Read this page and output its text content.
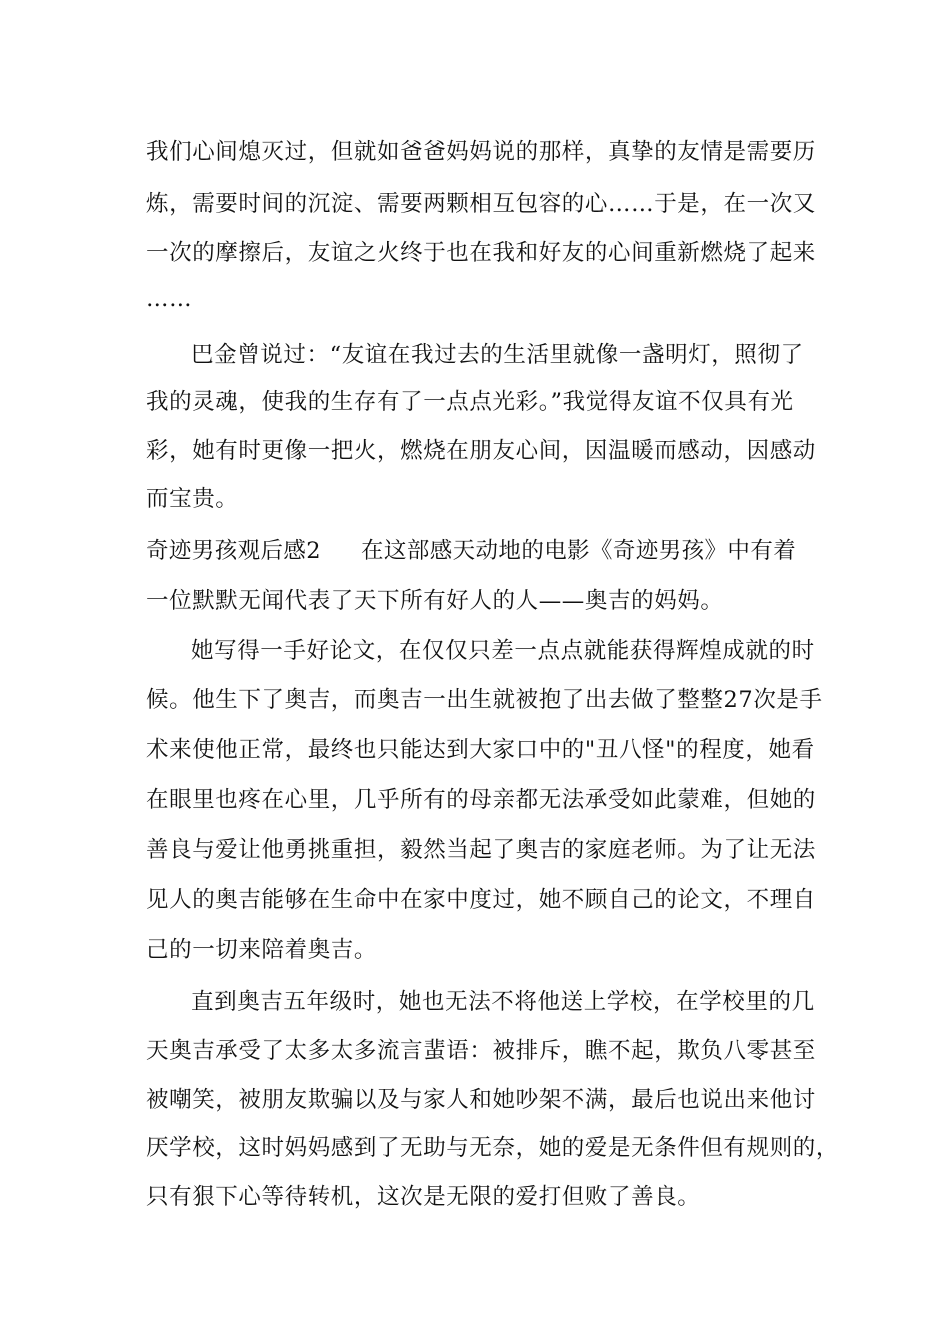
我们心间熄灭过，但就如爸爸妈妈说的那样，真挚的友情是需要历
炼，需要时间的沉淀、需要两颗相互包容的心……于是，在一次又
一次的摩擦后，友谊之火终于也在我和好友的心间重新燃烧了起来
……
巴金曾说过：“友谊在我过去的生活里就像一盏明灯，照彻了
我的灵魂，使我的生存有了一点点光彩。”我觉得友谊不仅具有光
彩，她有时更像一把火，燃烧在朋友心间，因温暖而感动，因感动
而宝贵。
奇迹男孩观后感2 在这部感天动地的电影《奇迹男孩》中有着
一位默默无闻代表了天下所有好人的人——奥吉的妈妈。
她写得一手好论文，在仅仅只差一点点就能获得辉煌成就的时
候。他生下了奥吉，而奥吉一出生就被抱了出去做了整整27次是手
术来使他正常，最终也只能达到大家口中的"丑八怪"的程度，她看
在眼里也疼在心里，几乎所有的母亲都无法承受如此蒙难，但她的
善良与爱让他勇挑重担，毅然当起了奥吉的家庭老师。为了让无法
见人的奥吉能够在生命中在家中度过，她不顾自己的论文，不理自
己的一切来陪着奥吉。
直到奥吉五年级时，她也无法不将他送上学校，在学校里的几
天奥吉承受了太多太多流言蜚语：被排斥，瞧不起，欺负八零甚至
被嘲笑，被朋友欺骗以及与家人和她吵架不满，最后也说出来他讨
厌学校，这时妈妈感到了无助与无奈，她的爱是无条件但有规则的，
只有狠下心等待转机，这次是无限的爱打但败了善良。
